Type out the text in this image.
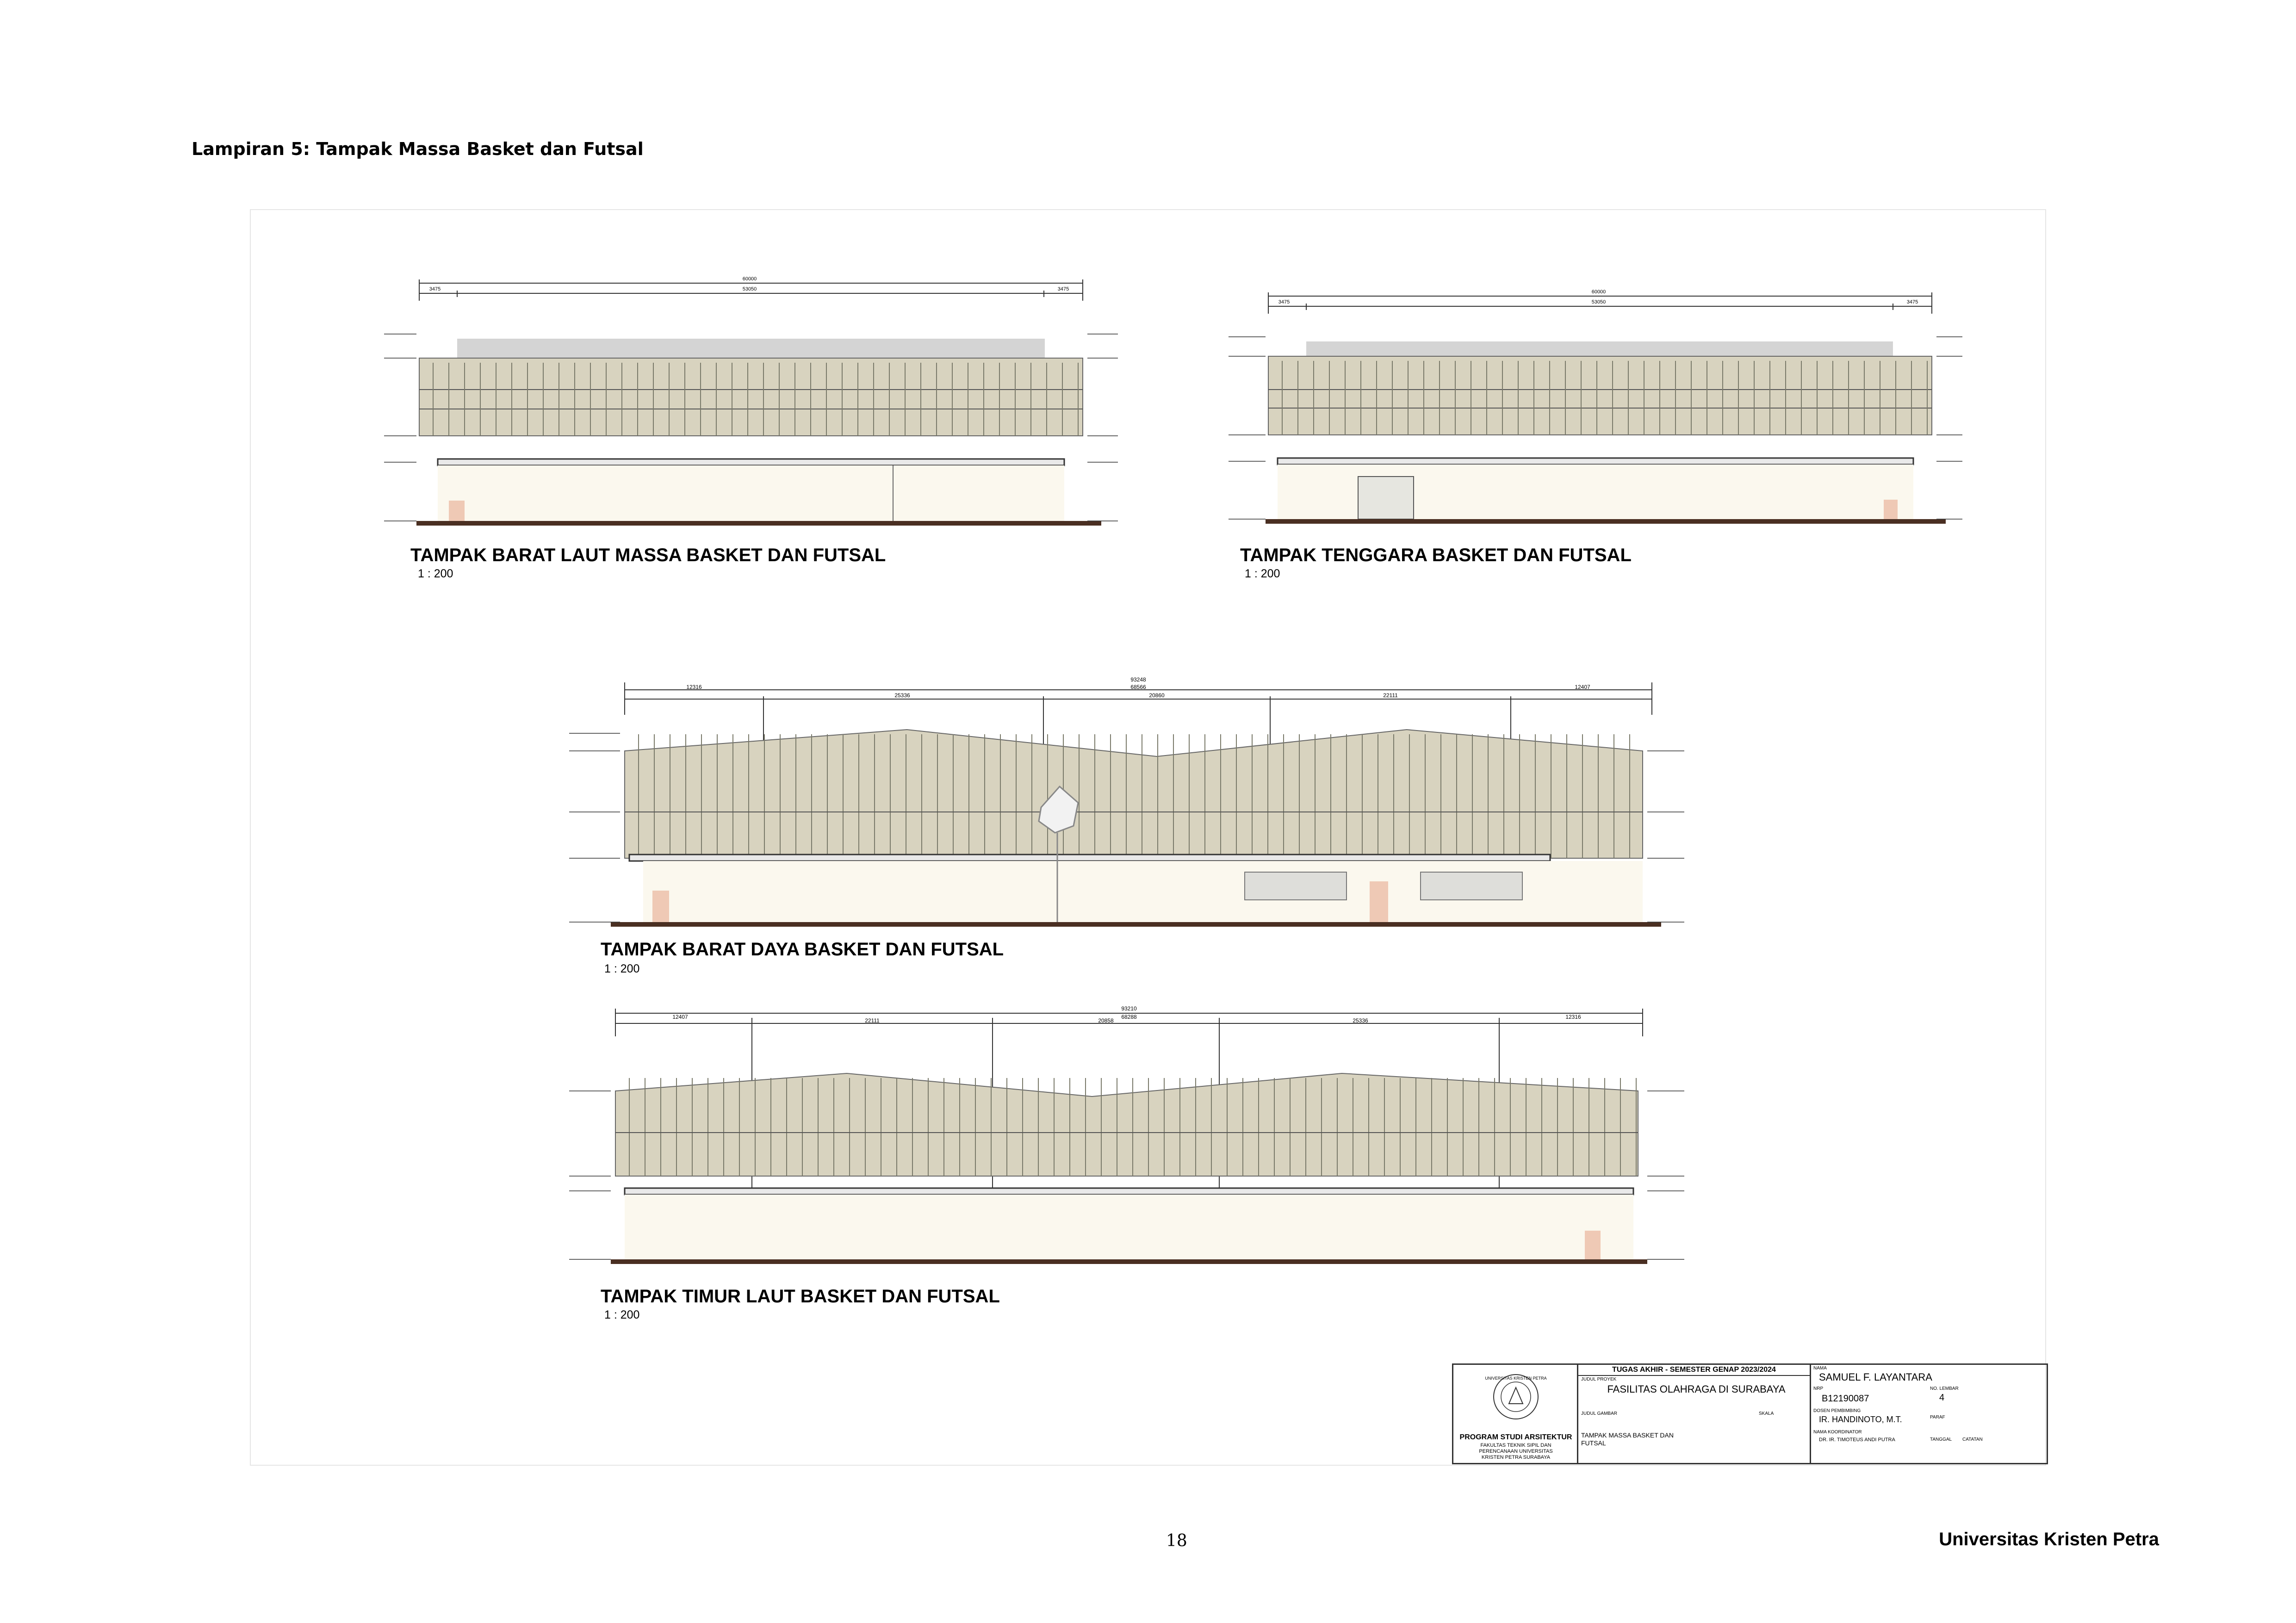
Lampiran 5: Tampak Massa Basket dan Futsal
60000
3475	53050	3475
TAMPAK BARAT LAUT MASSA BASKET DAN FUTSAL
1 : 200
60000
3475	53050	3475
TAMPAK TENGGARA BASKET DAN FUTSAL
1 : 200
93248
68566
12316
25336	20860	22111
12407
TAMPAK BARAT DAYA BASKET DAN FUTSAL
1 : 200
93210
68288
12407
22111	20858	25336
12316
TAMPAK TIMUR LAUT BASKET DAN FUTSAL
1 : 200
UNIVERSITAS KRISTEN PETRA
PROGRAM STUDI ARSITEKTUR
FAKULTAS TEKNIK SIPIL DAN PERENCANAAN UNIVERSITAS KRISTEN PETRA SURABAYA
TUGAS AKHIR - SEMESTER GENAP 2023/2024
JUDUL PROYEK
FASILITAS OLAHRAGA DI SURABAYA
JUDUL GAMBAR	SKALA
TAMPAK MASSA BASKET DAN FUTSAL
NAMA
SAMUEL F. LAYANTARA
NRP
B12190087
NO. LEMBAR
4
DOSEN PEMBIMBING
IR. HANDINOTO, M.T.	PARAF
NAMA KOORDINATOR
DR. IR. TIMOTEUS ANDI PUTRA	TANGGAL CATATAN
18	Universitas Kristen Petra
